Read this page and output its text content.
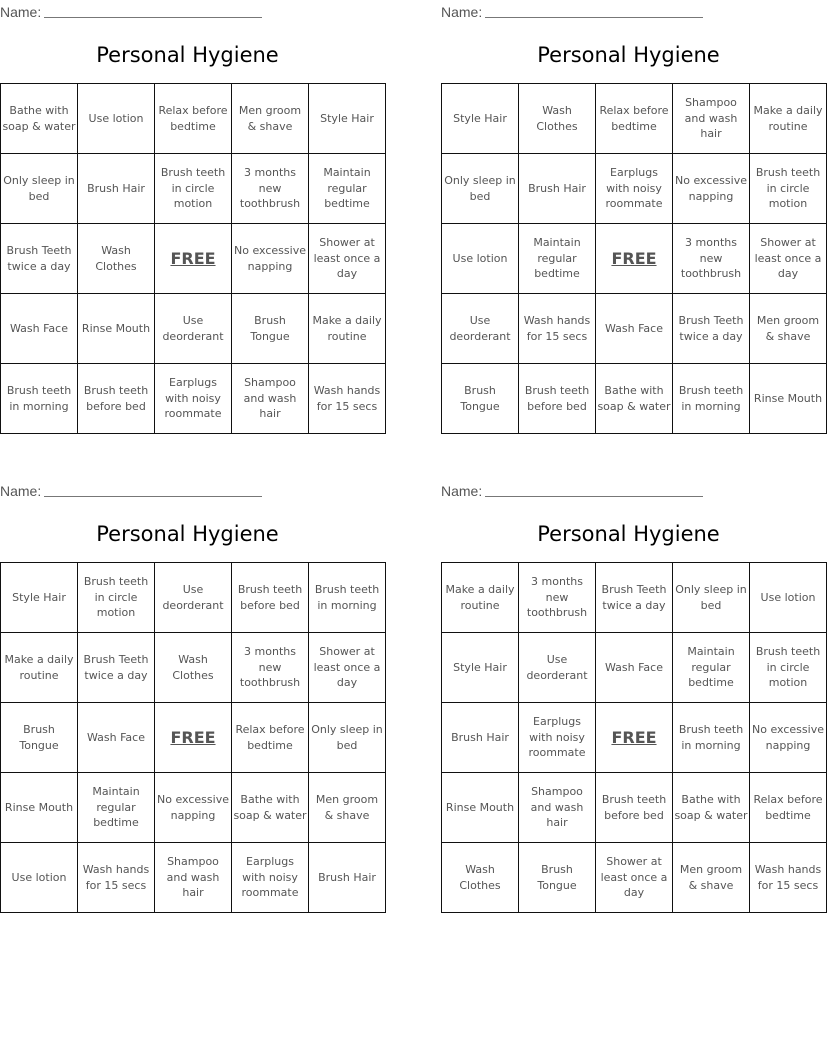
Name:
Personal Hygiene
Bathe with soap & water	Use lotion	Relax before bedtime	Men groom & shave	Style Hair
Only sleep in bed	Brush Hair	Brush teeth in circle motion	3 months new toothbrush	Maintain regular bedtime
Brush Teeth twice a day	Wash Clothes	FREE	No excessive napping	Shower at least once a day
Wash Face	Rinse Mouth	Use deorderant	Brush Tongue	Make a daily routine
Brush teeth in morning	Brush teeth before bed	Earplugs with noisy roommate	Shampoo and wash hair	Wash hands for 15 secs
Name:
Personal Hygiene
Style Hair	Wash Clothes	Relax before bedtime	Shampoo and wash hair	Make a daily routine
Only sleep in bed	Brush Hair	Earplugs with noisy roommate	No excessive napping	Brush teeth in circle motion
Use lotion	Maintain regular bedtime	FREE	3 months new toothbrush	Shower at least once a day
Use deorderant	Wash hands for 15 secs	Wash Face	Brush Teeth twice a day	Men groom & shave
Brush Tongue	Brush teeth before bed	Bathe with soap & water	Brush teeth in morning	Rinse Mouth
Name:
Personal Hygiene
Style Hair	Brush teeth in circle motion	Use deorderant	Brush teeth before bed	Brush teeth in morning
Make a daily routine	Brush Teeth twice a day	Wash Clothes	3 months new toothbrush	Shower at least once a day
Brush Tongue	Wash Face	FREE	Relax before bedtime	Only sleep in bed
Rinse Mouth	Maintain regular bedtime	No excessive napping	Bathe with soap & water	Men groom & shave
Use lotion	Wash hands for 15 secs	Shampoo and wash hair	Earplugs with noisy roommate	Brush Hair
Name:
Personal Hygiene
Make a daily routine	3 months new toothbrush	Brush Teeth twice a day	Only sleep in bed	Use lotion
Style Hair	Use deorderant	Wash Face	Maintain regular bedtime	Brush teeth in circle motion
Brush Hair	Earplugs with noisy roommate	FREE	Brush teeth in morning	No excessive napping
Rinse Mouth	Shampoo and wash hair	Brush teeth before bed	Bathe with soap & water	Relax before bedtime
Wash Clothes	Brush Tongue	Shower at least once a day	Men groom & shave	Wash hands for 15 secs
